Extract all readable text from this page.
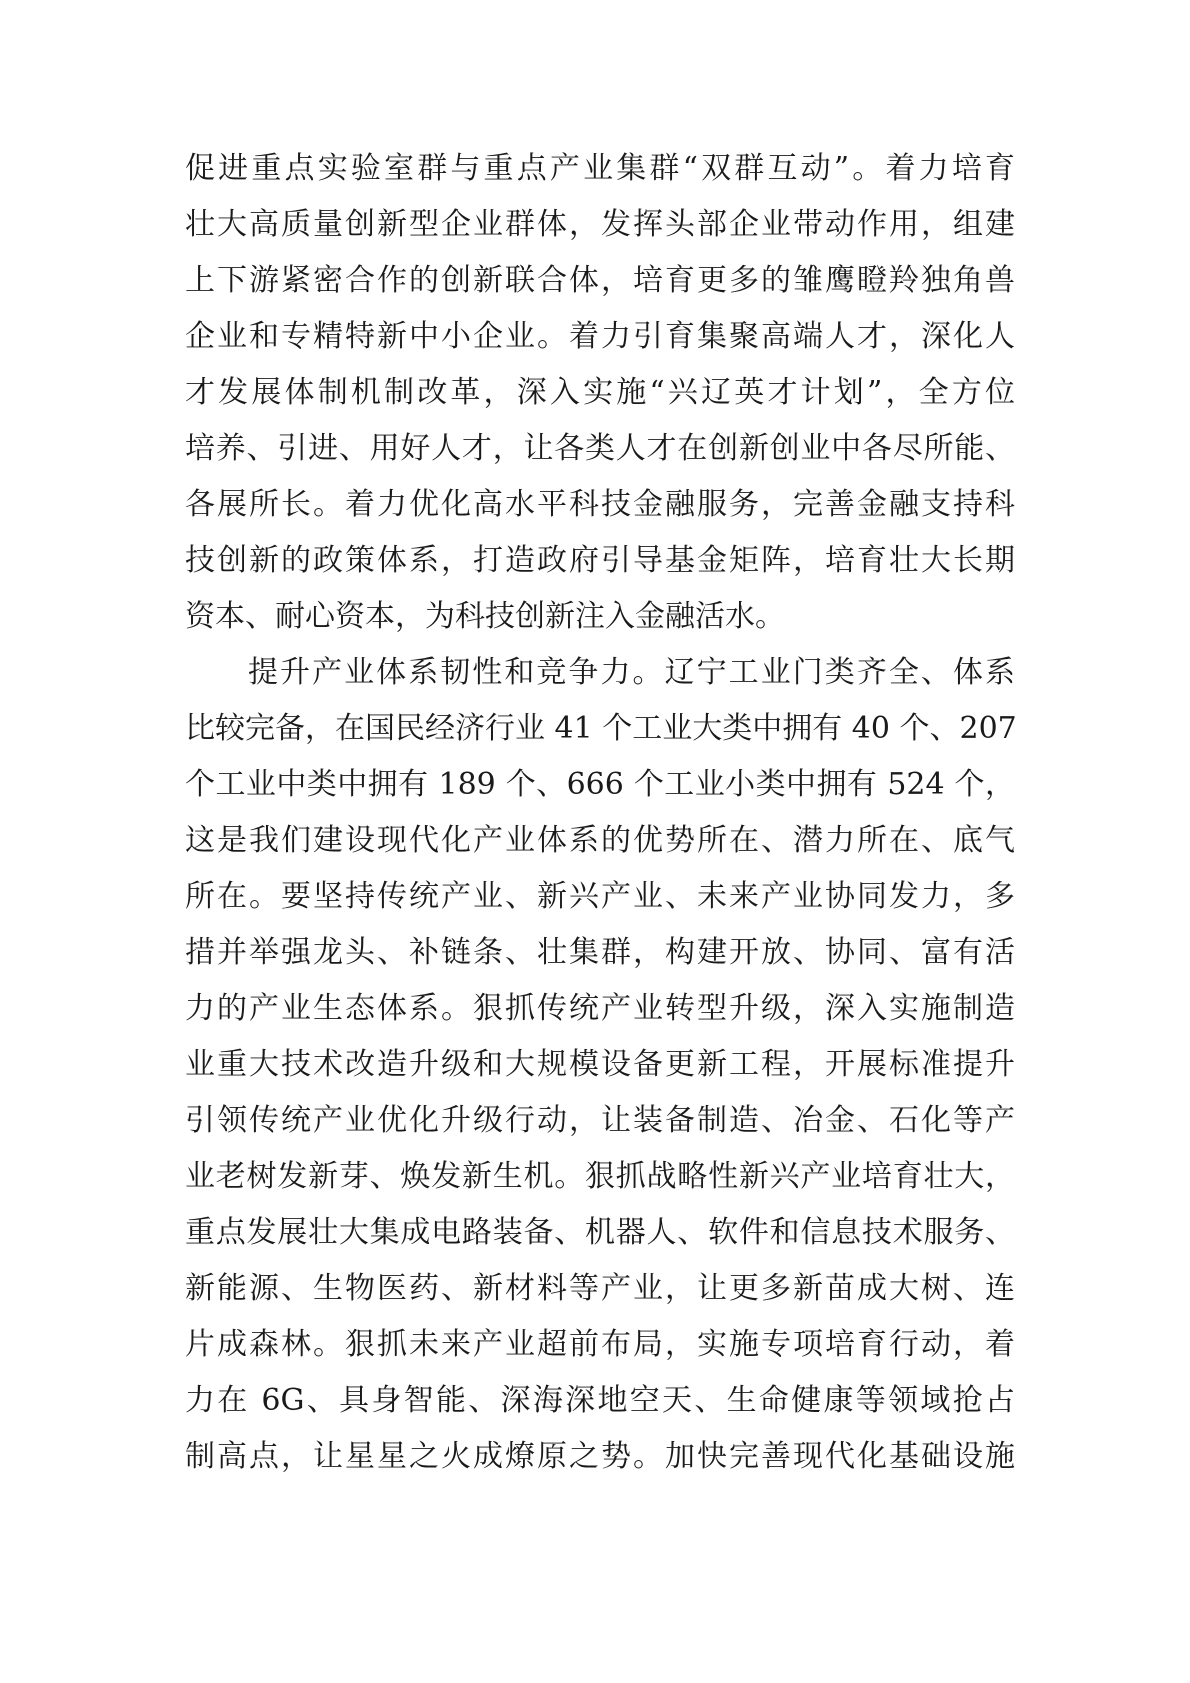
促进重点实验室群与重点产业集群“双群互动”。着力培育
壮大高质量创新型企业群体，发挥头部企业带动作用，组建
上下游紧密合作的创新联合体，培育更多的雏鹰瞪羚独角兽
企业和专精特新中小企业。着力引育集聚高端人才，深化人
才发展体制机制改革，深入实施“兴辽英才计划”，全方位
培养、引进、用好人才，让各类人才在创新创业中各尽所能、
各展所长。着力优化高水平科技金融服务，完善金融支持科
技创新的政策体系，打造政府引导基金矩阵，培育壮大长期
资本、耐心资本，为科技创新注入金融活水。
提升产业体系韧性和竞争力。辽宁工业门类齐全、体系
比较完备，在国民经济行业 41 个工业大类中拥有 40 个、207
个工业中类中拥有 189 个、666 个工业小类中拥有 524 个，
这是我们建设现代化产业体系的优势所在、潜力所在、底气
所在。要坚持传统产业、新兴产业、未来产业协同发力，多
措并举强龙头、补链条、壮集群，构建开放、协同、富有活
力的产业生态体系。狠抓传统产业转型升级，深入实施制造
业重大技术改造升级和大规模设备更新工程，开展标准提升
引领传统产业优化升级行动，让装备制造、冶金、石化等产
业老树发新芽、焕发新生机。狠抓战略性新兴产业培育壮大，
重点发展壮大集成电路装备、机器人、软件和信息技术服务、
新能源、生物医药、新材料等产业，让更多新苗成大树、连
片成森林。狠抓未来产业超前布局，实施专项培育行动，着
力在 6G、具身智能、深海深地空天、生命健康等领域抢占
制高点，让星星之火成燎原之势。加快完善现代化基础设施
